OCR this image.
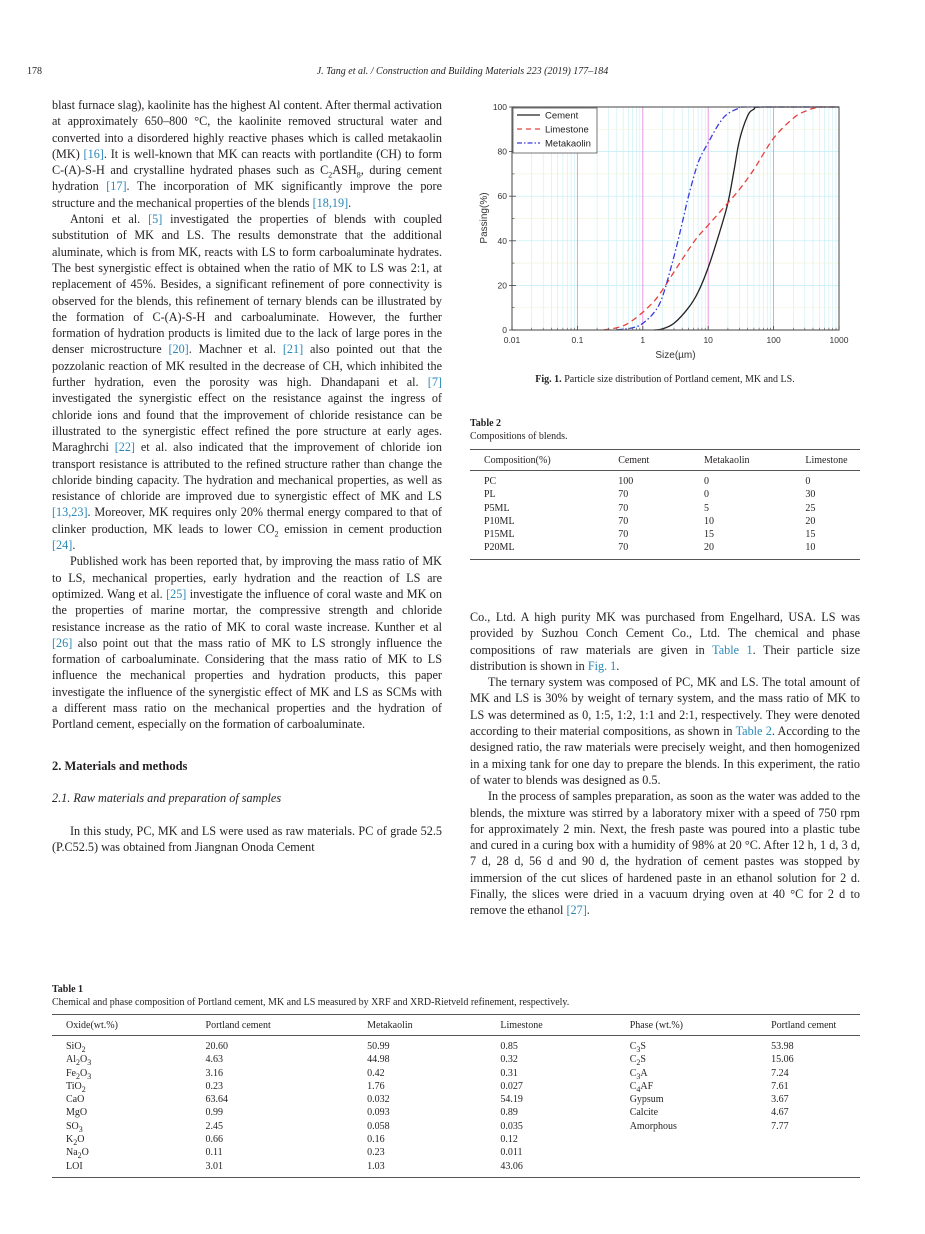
178	J. Tang et al. / Construction and Building Materials 223 (2019) 177–184

blast furnace slag), kaolinite has the highest Al content. After thermal activation at approximately 650–800 °C, the kaolinite removed structural water and converted into a disordered highly reactive phases which is called metakaolin (MK) [16]. It is well-known that MK can reacts with portlandite (CH) to form C-(A)-S-H and crystalline hydrated phases such as $C_2ASH_8$, during cement hydration [17]. The incorporation of MK significantly improve the pore structure and the mechanical properties of the blends [18,19].

Antoni et al. [5] investigated the properties of blends with coupled substitution of MK and LS. The results demonstrate that the additional aluminate, which is from MK, reacts with LS to form carboaluminate hydrates. The best synergistic effect is obtained when the ratio of MK to LS was 2:1, at replacement of 45%. Besides, a significant refinement of pore connectivity is observed for the blends, this refinement of ternary blends can be illustrated by the formation of C-(A)-S-H and carboaluminate. However, the further formation of hydration products is limited due to the lack of large pores in the denser microstructure [20]. Machner et al. [21] also pointed out that the pozzolanic reaction of MK resulted in the decrease of CH, which inhibited the further hydration, even the porosity was high. Dhandapani et al. [7] investigated the synergistic effect on the resistance against the ingress of chloride ions and found that the improvement of chloride resistance can be illustrated to the synergistic effect refined the pore structure at early ages. Maraghrchi [22] et al. also indicated that the improvement of chloride ion transport resistance is attributed to the refined structure rather than change the chloride binding capacity. The hydration and mechanical properties, as well as resistance of chloride are improved due to synergistic effect of MK and LS [13,23]. Moreover, MK requires only 20% thermal energy compared to that of clinker production, MK leads to lower $CO_2$ emission in cement production [24].

Published work has been reported that, by improving the mass ratio of MK to LS, mechanical properties, early hydration and the reaction of LS are optimized. Wang et al. [25] investigate the influence of coral waste and MK on the properties of marine mortar, the compressive strength and chloride resistance increase as the ratio of MK to coral waste increase. Kunther et al [26] also point out that the mass ratio of MK to LS strongly influence the formation of carboaluminate. Considering that the mass ratio of MK to LS influence the mechanical properties and hydration products, this paper investigate the influence of the synergistic effect of MK and LS as SCMs with a different mass ratio on the mechanical properties and the hydration of Portland cement, especially on the formation of carboaluminate.

2. Materials and methods
2.1. Raw materials and preparation of samples

In this study, PC, MK and LS were used as raw materials. PC of grade 52.5 (P.C52.5) was obtained from Jiangnan Onoda Cement

0.01	0.1	1	10	100	1000
0
20
40
60
80
100
Size(µm)
Passing(%)
Cement
Limestone
Metakaolin
Fig. 1. Particle size distribution of Portland cement, MK and LS.
Table 2
Compositions of blends.
Composition(%)	Cement	Metakaolin	Limestone
PC	100	0	0
PL	70	0	30
P5ML	70	5	25
P10ML	70	10	20
P15ML	70	15	15
P20ML	70	20	10

Co., Ltd. A high purity MK was purchased from Engelhard, USA. LS was provided by Suzhou Conch Cement Co., Ltd. The chemical and phase compositions of raw materials are given in Table 1. Their particle size distribution is shown in Fig. 1.

The ternary system was composed of PC, MK and LS. The total amount of MK and LS is 30% by weight of ternary system, and the mass ratio of MK to LS was determined as 0, 1:5, 1:2, 1:1 and 2:1, respectively. They were denoted according to their material compositions, as shown in Table 2. According to the designed ratio, the raw materials were precisely weight, and then homogenized in a mixing tank for one day to prepare the blends. In this experiment, the ratio of water to blends was designed as 0.5.

In the process of samples preparation, as soon as the water was added to the blends, the mixture was stirred by a laboratory mixer with a speed of 750 rpm for approximately 2 min. Next, the fresh paste was poured into a plastic tube and cured in a curing box with a humidity of 98% at 20 °C. After 12 h, 1 d, 3 d, 7 d, 28 d, 56 d and 90 d, the hydration of cement pastes was stopped by immersion of the cut slices of hardened paste in an ethanol solution for 2 d. Finally, the slices were dried in a vacuum drying oven at 40 °C for 2 d to remove the ethanol [27].

Table 1
Chemical and phase composition of Portland cement, MK and LS measured by XRF and XRD-Rietveld refinement, respectively.
Oxide(wt.%)	Portland cement	Metakaolin	Limestone	Phase (wt.%)	Portland cement
SiO$_2$	20.60	50.99	0.85	$C_3S$	53.98
$Al_2O_3$	4.63	44.98	0.32	$C_2S$	15.06
$Fe_2O_3$	3.16	0.42	0.31	$C_3A$	7.24
TiO$_2$	0.23	1.76	0.027	$C_4AF$	7.61
CaO	63.64	0.032	54.19	Gypsum	3.67
MgO	0.99	0.093	0.89	Calcite	4.67
$SO_3$	2.45	0.058	0.035	Amorphous	7.77
$K_2O$	0.66	0.16	0.12		
$Na_2O$	0.11	0.23	0.011		
LOI	3.01	1.03	43.06		
